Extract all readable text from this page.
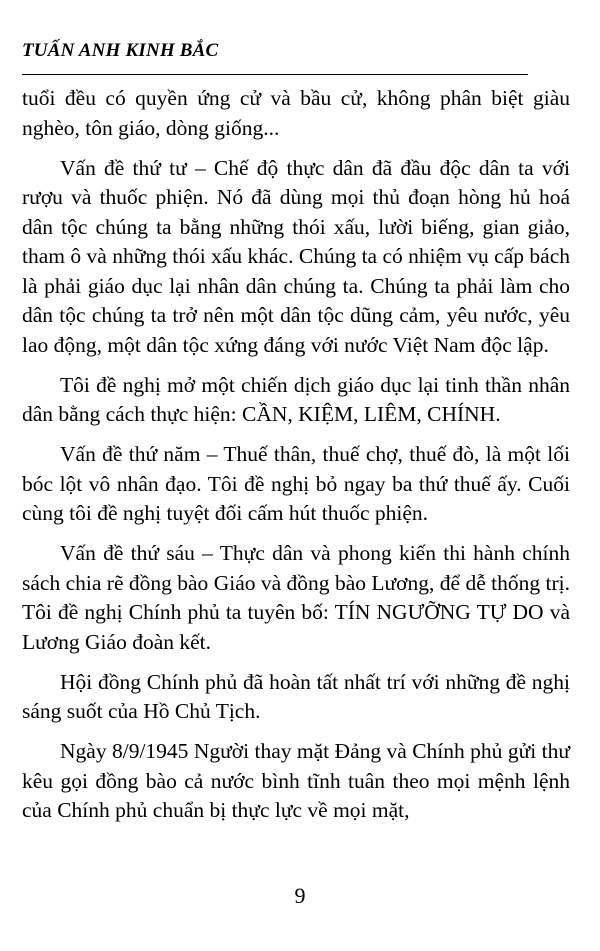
TUẤN ANH KINH BẮC

tuổi đều có quyền ứng cử và bầu cử, không phân biệt giàu nghèo, tôn giáo, dòng giống...

Vấn đề thứ tư – Chế độ thực dân đã đầu độc dân ta với rượu và thuốc phiện. Nó đã dùng mọi thủ đoạn hòng hủ hoá dân tộc chúng ta bằng những thói xấu, lười biếng, gian giảo, tham ô và những thói xấu khác. Chúng ta có nhiệm vụ cấp bách là phải giáo dục lại nhân dân chúng ta. Chúng ta phải làm cho dân tộc chúng ta trở nên một dân tộc dũng cảm, yêu nước, yêu lao động, một dân tộc xứng đáng với nước Việt Nam độc lập.

Tôi đề nghị mở một chiến dịch giáo dục lại tinh thần nhân dân bằng cách thực hiện: CẦN, KIỆM, LIÊM, CHÍNH.

Vấn đề thứ năm – Thuế thân, thuế chợ, thuế đò, là một lối bóc lột vô nhân đạo. Tôi đề nghị bỏ ngay ba thứ thuế ấy. Cuối cùng tôi đề nghị tuyệt đối cấm hút thuốc phiện.

Vấn đề thứ sáu – Thực dân và phong kiến thi hành chính sách chia rẽ đồng bào Giáo và đồng bào Lương, để dễ thống trị. Tôi đề nghị Chính phủ ta tuyên bố: TÍN NGƯỠNG TỰ DO và Lương Giáo đoàn kết.

Hội đồng Chính phủ đã hoàn tất nhất trí với những đề nghị sáng suốt của Hồ Chủ Tịch.

Ngày 8/9/1945 Người thay mặt Đảng và Chính phủ gửi thư kêu gọi đồng bào cả nước bình tĩnh tuân theo mọi mệnh lệnh của Chính phủ chuẩn bị thực lực về mọi mặt,

9
